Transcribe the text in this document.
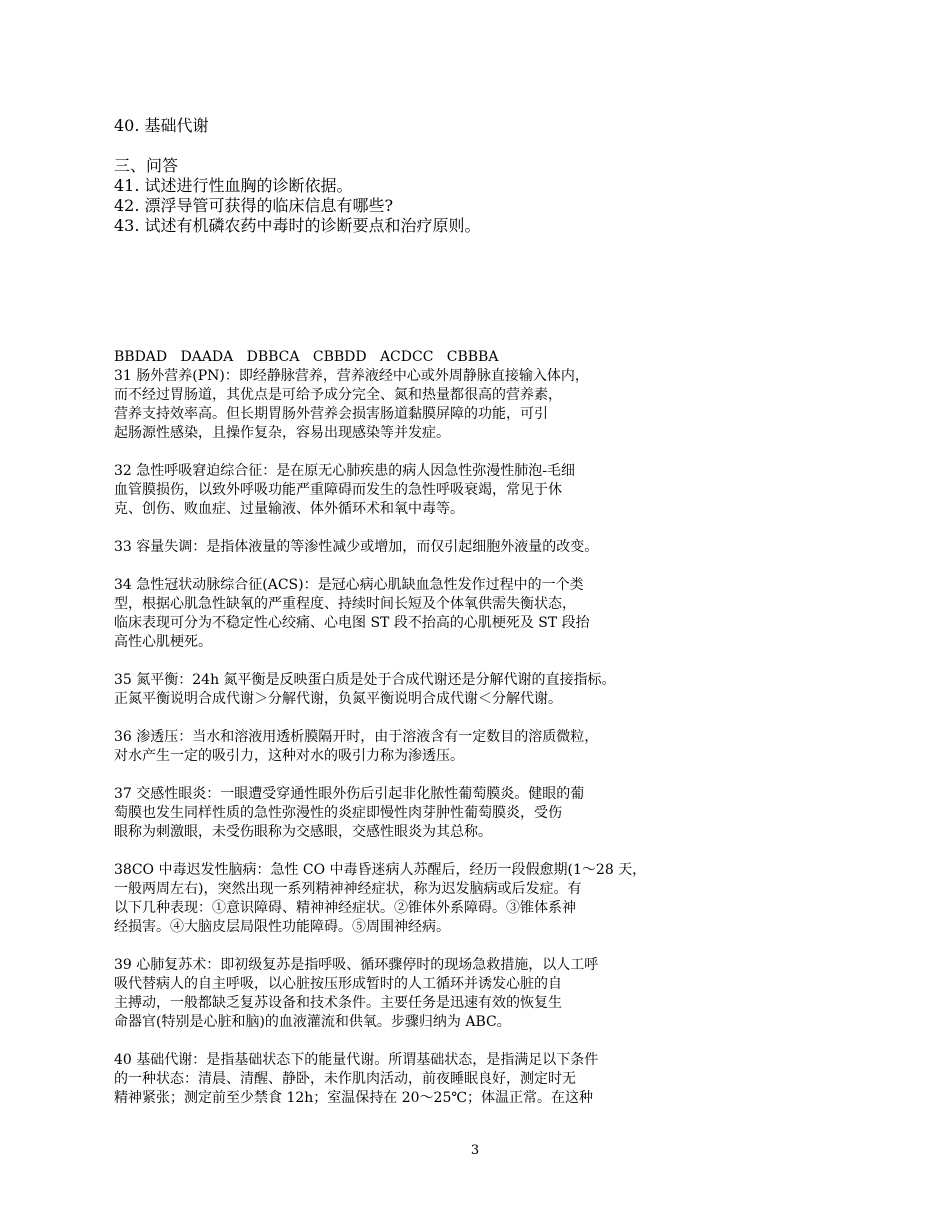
40. 基础代谢
三、问答
41. 试述进行性血胸的诊断依据。
42. 漂浮导管可获得的临床信息有哪些?
43. 试述有机磷农药中毒时的诊断要点和治疗原则。
BBDAD   DAADA   DBBCA   CBBDD   ACDCC   CBBBA
31 肠外营养(PN)：即经静脉营养，营养液经中心或外周静脉直接输入体内，
而不经过胃肠道，其优点是可给予成分完全、氮和热量都很高的营养素，
营养支持效率高。但长期胃肠外营养会损害肠道黏膜屏障的功能，可引
起肠源性感染，且操作复杂，容易出现感染等并发症。
32 急性呼吸窘迫综合征：是在原无心肺疾患的病人因急性弥漫性肺泡-毛细
血管膜损伤，以致外呼吸功能严重障碍而发生的急性呼吸衰竭，常见于休
克、创伤、败血症、过量输液、体外循环术和氧中毒等。
33 容量失调：是指体液量的等渗性减少或增加，而仅引起细胞外液量的改变。
34 急性冠状动脉综合征(ACS)：是冠心病心肌缺血急性发作过程中的一个类
型，根据心肌急性缺氧的严重程度、持续时间长短及个体氧供需失衡状态，
临床表现可分为不稳定性心绞痛、心电图 ST 段不抬高的心肌梗死及 ST 段抬
高性心肌梗死。
35 氮平衡：24h 氮平衡是反映蛋白质是处于合成代谢还是分解代谢的直接指标。
正氮平衡说明合成代谢＞分解代谢，负氮平衡说明合成代谢＜分解代谢。
36 渗透压：当水和溶液用透析膜隔开时，由于溶液含有一定数目的溶质微粒，
对水产生一定的吸引力，这种对水的吸引力称为渗透压。
37 交感性眼炎：一眼遭受穿通性眼外伤后引起非化脓性葡萄膜炎。健眼的葡
萄膜也发生同样性质的急性弥漫性的炎症即慢性肉芽肿性葡萄膜炎，受伤
眼称为刺激眼，未受伤眼称为交感眼，交感性眼炎为其总称。
38CO 中毒迟发性脑病：急性 CO 中毒昏迷病人苏醒后，经历一段假愈期(1～28 天，
一般两周左右)，突然出现一系列精神神经症状，称为迟发脑病或后发症。有
以下几种表现：①意识障碍、精神神经症状。②锥体外系障碍。③锥体系神
经损害。④大脑皮层局限性功能障碍。⑤周围神经病。
39 心肺复苏术：即初级复苏是指呼吸、循环骤停时的现场急救措施，以人工呼
吸代替病人的自主呼吸，以心脏按压形成暂时的人工循环并诱发心脏的自
主搏动，一般都缺乏复苏设备和技术条件。主要任务是迅速有效的恢复生
命器官(特别是心脏和脑)的血液灌流和供氧。步骤归纳为 ABC。
40 基础代谢：是指基础状态下的能量代谢。所谓基础状态，是指满足以下条件
的一种状态：清晨、清醒、静卧，未作肌肉活动，前夜睡眠良好，测定时无
精神紧张；测定前至少禁食 12h；室温保持在 20～25℃；体温正常。在这种
3
